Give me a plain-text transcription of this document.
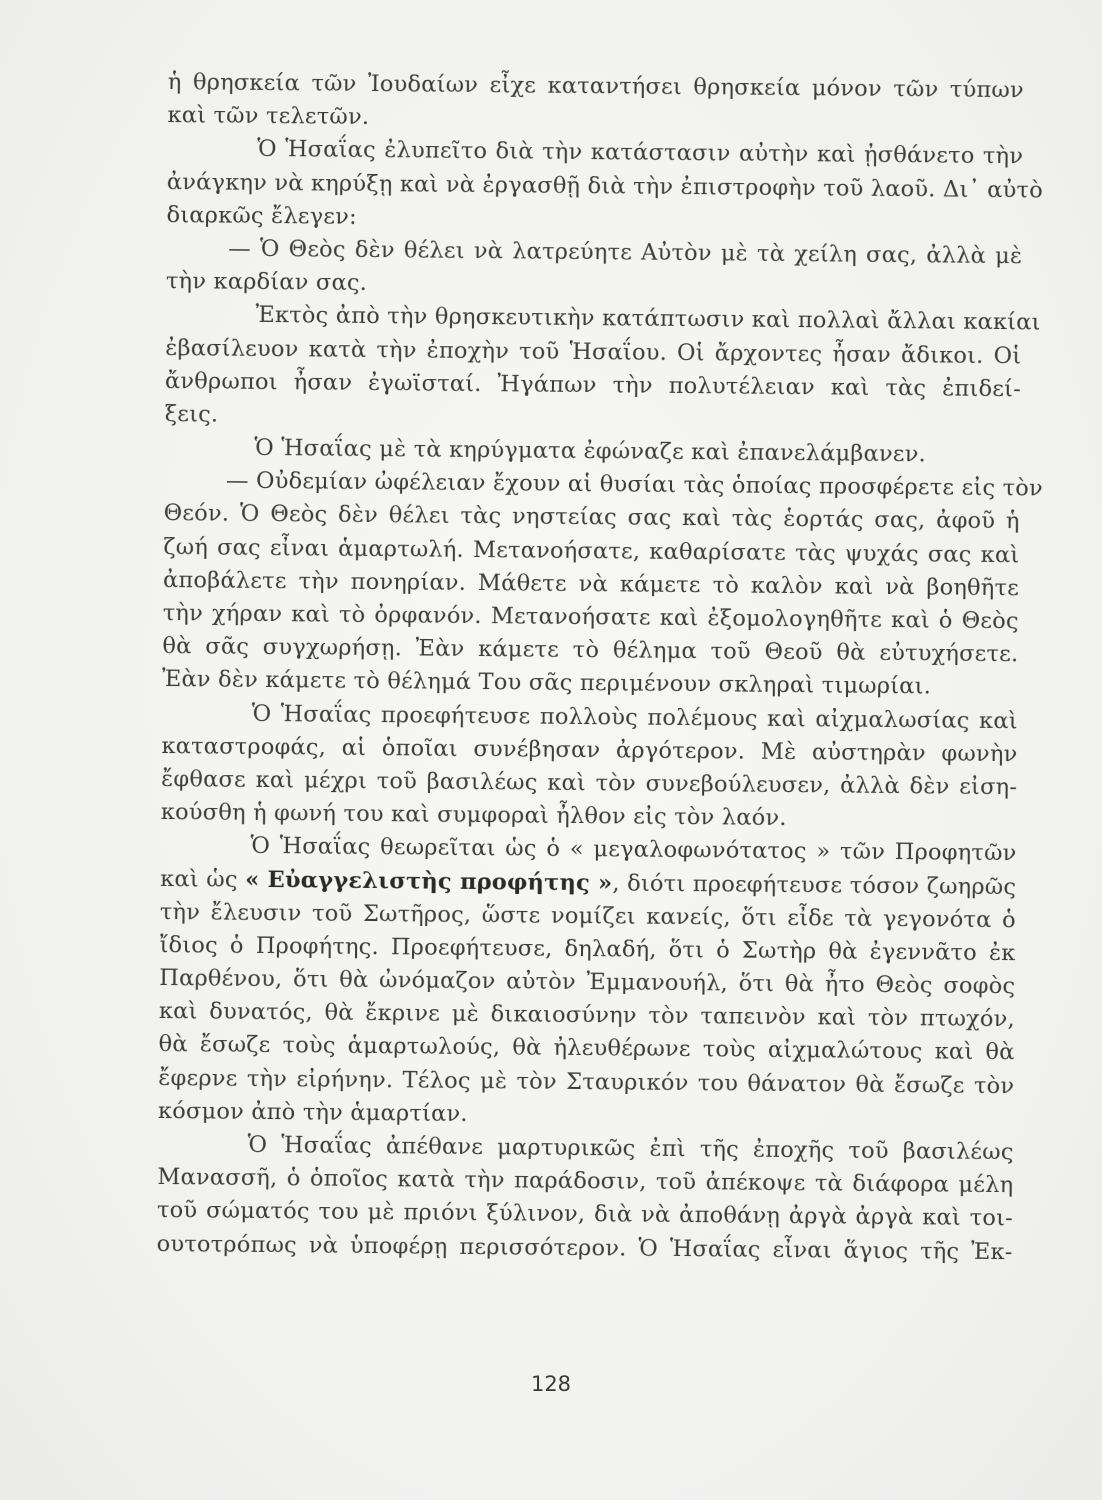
ἡ θρησκεία τῶν Ἰουδαίων εἶχε καταντήσει θρησκεία μόνον τῶν τύπων
καὶ τῶν τελετῶν.
Ὁ Ἡσαΐας ἐλυπεῖτο διὰ τὴν κατάστασιν αὐτὴν καὶ ᾐσθάνετο τὴν
ἀνάγκην νὰ κηρύξῃ καὶ νὰ ἐργασθῇ διὰ τὴν ἐπιστροφὴν τοῦ λαοῦ. Δι᾽ αὐτὸ
διαρκῶς ἔλεγεν:
— Ὁ Θεὸς δὲν θέλει νὰ λατρεύητε Αὐτὸν μὲ τὰ χείλη σας, ἀλλὰ μὲ
τὴν καρδίαν σας.
Ἐκτὸς ἀπὸ τὴν θρησκευτικὴν κατάπτωσιν καὶ πολλαὶ ἄλλαι κακίαι
ἐβασίλευον κατὰ τὴν ἐποχὴν τοῦ Ἡσαΐου. Οἱ ἄρχοντες ἦσαν ἄδικοι. Οἱ
ἄνθρωποι ἦσαν ἐγωϊσταί. Ἠγάπων τὴν πολυτέλειαν καὶ τὰς ἐπιδεί-
ξεις.
Ὁ Ἡσαΐας μὲ τὰ κηρύγματα ἐφώναζε καὶ ἐπανελάμβανεν.
— Οὐδεμίαν ὠφέλειαν ἔχουν αἱ θυσίαι τὰς ὁποίας προσφέρετε εἰς τὸν
Θεόν. Ὁ Θεὸς δὲν θέλει τὰς νηστείας σας καὶ τὰς ἑορτάς σας, ἀφοῦ ἡ
ζωή σας εἶναι ἁμαρτωλή. Μετανοήσατε, καθαρίσατε τὰς ψυχάς σας καὶ
ἀποβάλετε τὴν πονηρίαν. Μάθετε νὰ κάμετε τὸ καλὸν καὶ νὰ βοηθῆτε
τὴν χήραν καὶ τὸ ὀρφανόν. Μετανοήσατε καὶ ἐξομολογηθῆτε καὶ ὁ Θεὸς
θὰ σᾶς συγχωρήσῃ. Ἐὰν κάμετε τὸ θέλημα τοῦ Θεοῦ θὰ εὐτυχήσετε.
Ἐὰν δὲν κάμετε τὸ θέλημά Του σᾶς περιμένουν σκληραὶ τιμωρίαι.
Ὁ Ἡσαΐας προεφήτευσε πολλοὺς πολέμους καὶ αἰχμαλωσίας καὶ
καταστροφάς, αἱ ὁποῖαι συνέβησαν ἀργότερον. Μὲ αὐστηρὰν φωνὴν
ἔφθασε καὶ μέχρι τοῦ βασιλέως καὶ τὸν συνεβούλευσεν, ἀλλὰ δὲν εἰση-
κούσθη ἡ φωνή του καὶ συμφοραὶ ἦλθον εἰς τὸν λαόν.
Ὁ Ἡσαΐας θεωρεῖται ὡς ὁ « μεγαλοφωνότατος » τῶν Προφητῶν
καὶ ὡς « Εὐαγγελιστὴς προφήτης », διότι προεφήτευσε τόσον ζωηρῶς
τὴν ἔλευσιν τοῦ Σωτῆρος, ὥστε νομίζει κανείς, ὅτι εἶδε τὰ γεγονότα ὁ
ἴδιος ὁ Προφήτης. Προεφήτευσε, δηλαδή, ὅτι ὁ Σωτὴρ θὰ ἐγεννᾶτο ἐκ
Παρθένου, ὅτι θὰ ὠνόμαζον αὐτὸν Ἐμμανουήλ, ὅτι θὰ ἦτο Θεὸς σοφὸς
καὶ δυνατός, θὰ ἔκρινε μὲ δικαιοσύνην τὸν ταπεινὸν καὶ τὸν πτωχόν,
θὰ ἔσωζε τοὺς ἁμαρτωλούς, θὰ ἠλευθέρωνε τοὺς αἰχμαλώτους καὶ θὰ
ἔφερνε τὴν εἰρήνην. Τέλος μὲ τὸν Σταυρικόν του θάνατον θὰ ἔσωζε τὸν
κόσμον ἀπὸ τὴν ἁμαρτίαν.
Ὁ Ἡσαΐας ἀπέθανε μαρτυρικῶς ἐπὶ τῆς ἐποχῆς τοῦ βασιλέως
Μανασσῆ, ὁ ὁποῖος κατὰ τὴν παράδοσιν, τοῦ ἀπέκοψε τὰ διάφορα μέλη
τοῦ σώματός του μὲ πριόνι ξύλινον, διὰ νὰ ἀποθάνῃ ἀργὰ ἀργὰ καὶ τοι-
ουτοτρόπως νὰ ὑποφέρῃ περισσότερον. Ὁ Ἡσαΐας εἶναι ἅγιος τῆς Ἐκ-
128
